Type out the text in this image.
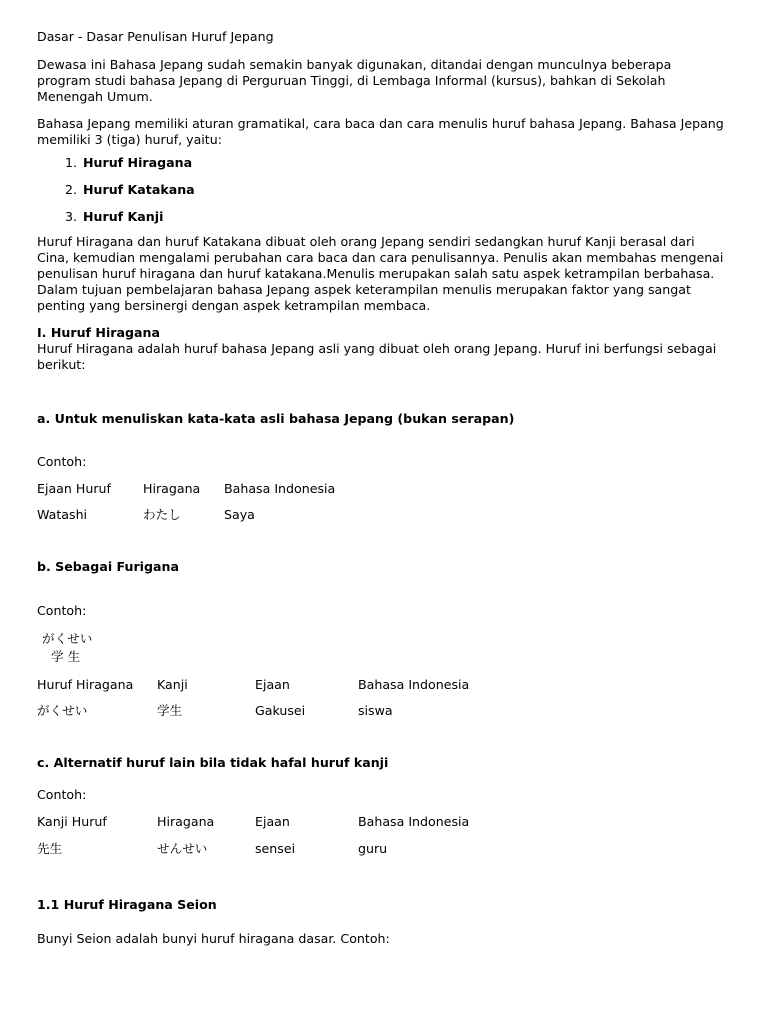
Dasar - Dasar Penulisan Huruf Jepang

Dewasa ini Bahasa Jepang sudah semakin banyak digunakan, ditandai dengan munculnya beberapa program studi bahasa Jepang di Perguruan Tinggi, di Lembaga Informal (kursus), bahkan di Sekolah Menengah Umum.

Bahasa Jepang memiliki aturan gramatikal, cara baca dan cara menulis huruf bahasa Jepang. Bahasa Jepang memiliki 3 (tiga) huruf, yaitu:

1. Huruf Hiragana
2. Huruf Katakana
3. Huruf Kanji

Huruf Hiragana dan huruf Katakana dibuat oleh orang Jepang sendiri sedangkan huruf Kanji berasal dari Cina, kemudian mengalami perubahan cara baca dan cara penulisannya. Penulis akan membahas mengenai penulisan huruf hiragana dan huruf katakana.Menulis merupakan salah satu aspek ketrampilan berbahasa. Dalam tujuan pembelajaran bahasa Jepang aspek keterampilan menulis merupakan faktor yang sangat penting yang bersinergi dengan aspek ketrampilan membaca.

I. Huruf Hiragana

Huruf Hiragana adalah huruf bahasa Jepang asli yang dibuat oleh orang Jepang. Huruf ini berfungsi sebagai berikut:

a. Untuk menuliskan kata-kata asli bahasa Jepang (bukan serapan)

Contoh:

Ejaan Huruf	Hiragana	Bahasa Indonesia
Watashi	わたし	Saya

b. Sebagai Furigana

Contoh:

がくせい

学 生

Huruf Hiragana	Kanji	Ejaan	Bahasa Indonesia
がくせい	学生	Gakusei	siswa

c. Alternatif huruf lain bila tidak hafal huruf kanji

Contoh:

Kanji Huruf	Hiragana	Ejaan	Bahasa Indonesia
先生	せんせい	sensei	guru

1.1 Huruf Hiragana Seion

Bunyi Seion adalah bunyi huruf hiragana dasar. Contoh:
